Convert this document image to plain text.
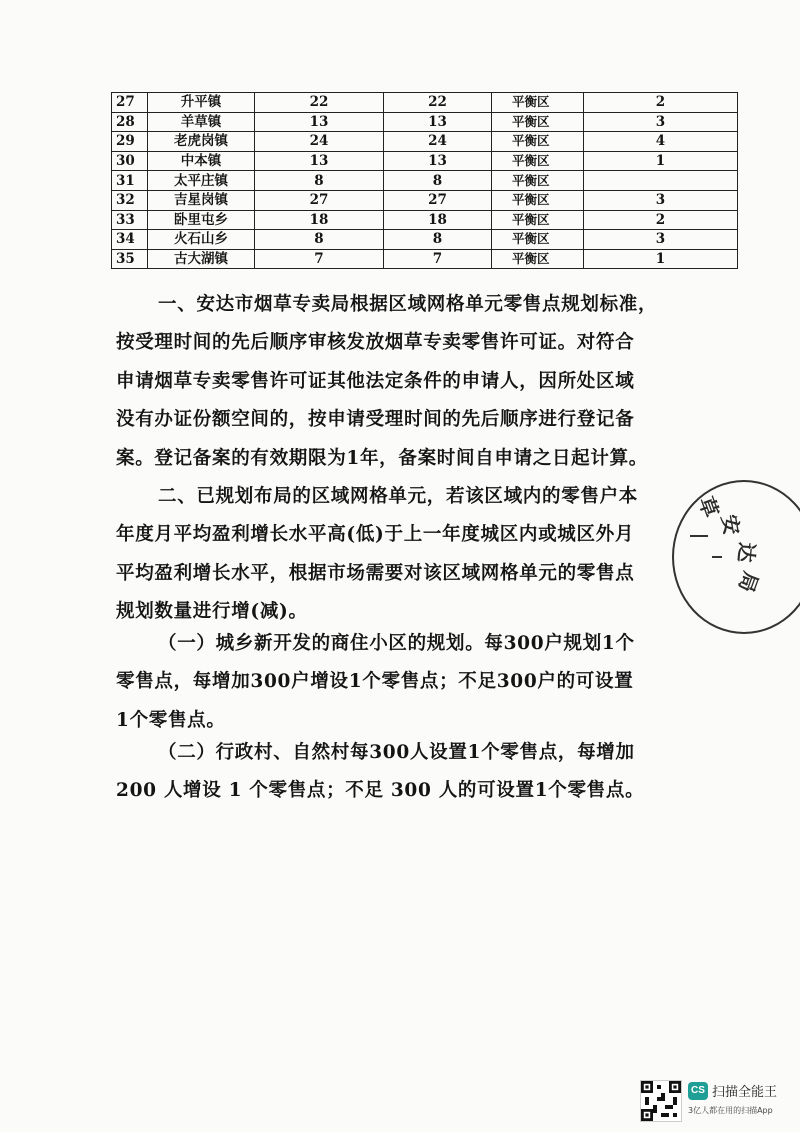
27	升平镇	22	22	平衡区	2
28	羊草镇	13	13	平衡区	3
29	老虎岗镇	24	24	平衡区	4
30	中本镇	13	13	平衡区	1
31	太平庄镇	8	8	平衡区	
32	吉星岗镇	27	27	平衡区	3
33	卧里屯乡	18	18	平衡区	2
34	火石山乡	8	8	平衡区	3
35	古大湖镇	7	7	平衡区	1

一、安达市烟草专卖局根据区域网格单元零售点规划标准，
按受理时间的先后顺序审核发放烟草专卖零售许可证。对符合
申请烟草专卖零售许可证其他法定条件的申请人，因所处区域
没有办证份额空间的，按申请受理时间的先后顺序进行登记备
案。登记备案的有效期限为1年，备案时间自申请之日起计算。

二、已规划布局的区域网格单元，若该区域内的零售户本
年度月平均盈利增长水平高(低)于上一年度城区内或城区外月
平均盈利增长水平，根据市场需要对该区域网格单元的零售点
规划数量进行增(减)。

（一）城乡新开发的商住小区的规划。每300户规划1个
零售点，每增加300户增设1个零售点；不足300户的可设置
1个零售点。

（二）行政村、自然村每300人设置1个零售点，每增加
200 人增设 1 个零售点；不足 300 人的可设置1个零售点。

草
安
达
局
CS 扫描全能王
3亿人都在用的扫描App
